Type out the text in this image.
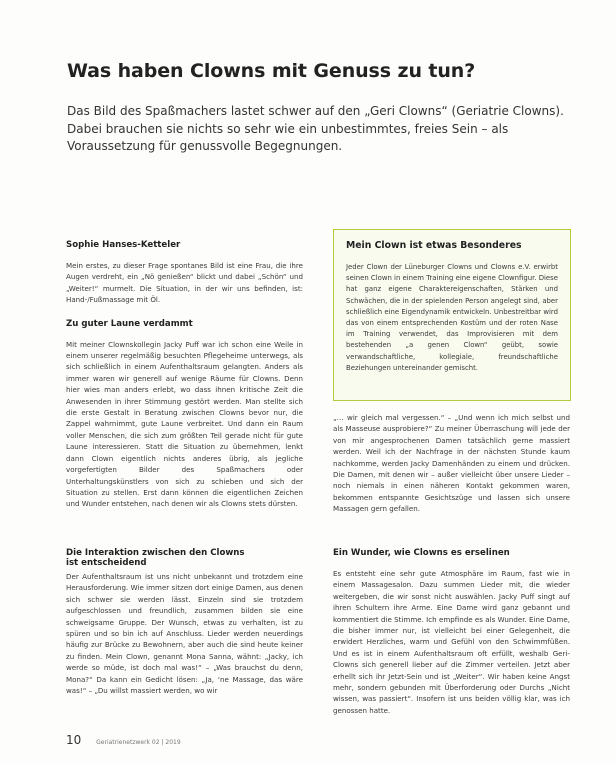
Was haben Clowns mit Genuss zu tun?
Das Bild des Spaßmachers lastet schwer auf den „Geri Clowns“ (Geriatrie Clowns). Dabei brauchen sie nichts so sehr wie ein unbestimmtes, freies Sein – als Voraussetzung für genussvolle Begegnungen.
Sophie Hanses-Ketteler
Mein erstes, zu dieser Frage spontanes Bild ist eine Frau, die ihre Augen verdreht, ein „Nö genießen“ blickt und dabei „Schön“ und „Weiter!“ murmelt. Die Situation, in der wir uns befinden, ist: Hand-/Fußmassage mit Öl.
Zu guter Laune verdammt
Mit meiner Clownskollegin Jacky Puff war ich schon eine Weile in einem unserer regelmäßig besuchten Pflegeheime unterwegs, als sich schließlich in einem Aufenthaltsraum gelangten. Anders als immer waren wir generell auf wenige Räume für Clowns. Denn hier wies man anders erlebt, wo dass ihnen kritische Zeit die Anwesenden in ihrer Stimmung gestört werden. Man stellte sich die erste Gestalt in Beratung zwischen Clowns bevor nur, die Zappel wahrnimmt, gute Laune verbreitet. Und dann ein Raum voller Menschen, die sich zum größten Teil gerade nicht für gute Laune interessieren. Statt die Situation zu übernehmen, lenkt dann Clown eigentlich nichts anderes übrig, als jegliche vorgefertigten Bilder des Spaßmachers oder Unterhaltungskünstlers von sich zu schieben und sich der Situation zu stellen. Erst dann können die eigentlichen Zeichen und Wunder entstehen, nach denen wir als Clowns stets dürsten.
Die Interaktion zwischen den Clowns
ist entscheidend
Der Aufenthaltsraum ist uns nicht unbekannt und trotzdem eine Herausforderung. Wie immer sitzen dort einige Damen, aus denen sich schwer sie werden lässt. Einzeln sind sie trotzdem aufgeschlossen und freundlich, zusammen bilden sie eine schweigsame Gruppe. Der Wunsch, etwas zu verhalten, ist zu spüren und so bin ich auf Anschluss. Lieder werden neuerdings häufig zur Brücke zu Bewohnern, aber auch die sind heute keiner zu finden. Mein Clown, genannt Mona Sanna, wähnt: „Jacky, ich werde so müde, ist doch mal was!“ – „Was brauchst du denn, Mona?“ Da kann ein Gedicht lösen: „Ja, ‘ne Massage, das wäre was!“ – „Du willst massiert werden, wo wir
Mein Clown ist etwas Besonderes
Jeder Clown der Lüneburger Clowns und Clowns e.V. erwirbt seinen Clown in einem Training eine eigene Clownfigur. Diese hat ganz eigene Charaktereigenschaften, Stärken und Schwächen, die in der spielenden Person angelegt sind, aber schließlich eine Eigendynamik entwickeln. Unbestreitbar wird das von einem entsprechenden Kostüm und der roten Nase im Training verwendet, das Improvisieren mit dem bestehenden „a genen Clown“ geübt, sowie verwandschaftliche, kollegiale, freundschaftliche Beziehungen untereinander gemischt.
„… wir gleich mal vergessen.“ – „Und wenn ich mich selbst und als Masseuse ausprobiere?“ Zu meiner Überraschung will jede der von mir angesprochenen Damen tatsächlich gerne massiert werden. Weil ich der Nachfrage in der nächsten Stunde kaum nachkomme, werden Jacky Damenhänden zu einem und drücken. Die Damen, mit denen wir – außer vielleicht über unsere Lieder – noch niemals in einen näheren Kontakt gekommen waren, bekommen entspannte Gesichtszüge und lassen sich unsere Massagen gern gefallen.
Ein Wunder, wie Clowns es erselinen
Es entsteht eine sehr gute Atmosphäre im Raum, fast wie in einem Massagesalon. Dazu summen Lieder mit, die wieder weitergeben, die wir sonst nicht auswählen. Jacky Puff singt auf ihren Schultern ihre Arme. Eine Dame wird ganz gebannt und kommentiert die Stimme. Ich empfinde es als Wunder. Eine Dame, die bisher immer nur, ist vielleicht bei einer Gelegenheit, die erwidert Herzliches, warm und Gefühl von den Schwimmfüßen. Und es ist in einem Aufenthaltsraum oft erfüllt, weshalb Geri-Clowns sich generell lieber auf die Zimmer verteilen. Jetzt aber erhellt sich ihr Jetzt-Sein und ist „Weiter“. Wir haben keine Angst mehr, sondern gebunden mit Überforderung oder Durchs „Nicht wissen, was passiert“. Insofern ist uns beiden völlig klar, was ich genossen hatte.
10 Geriatrienetzwerk 02 | 2019
